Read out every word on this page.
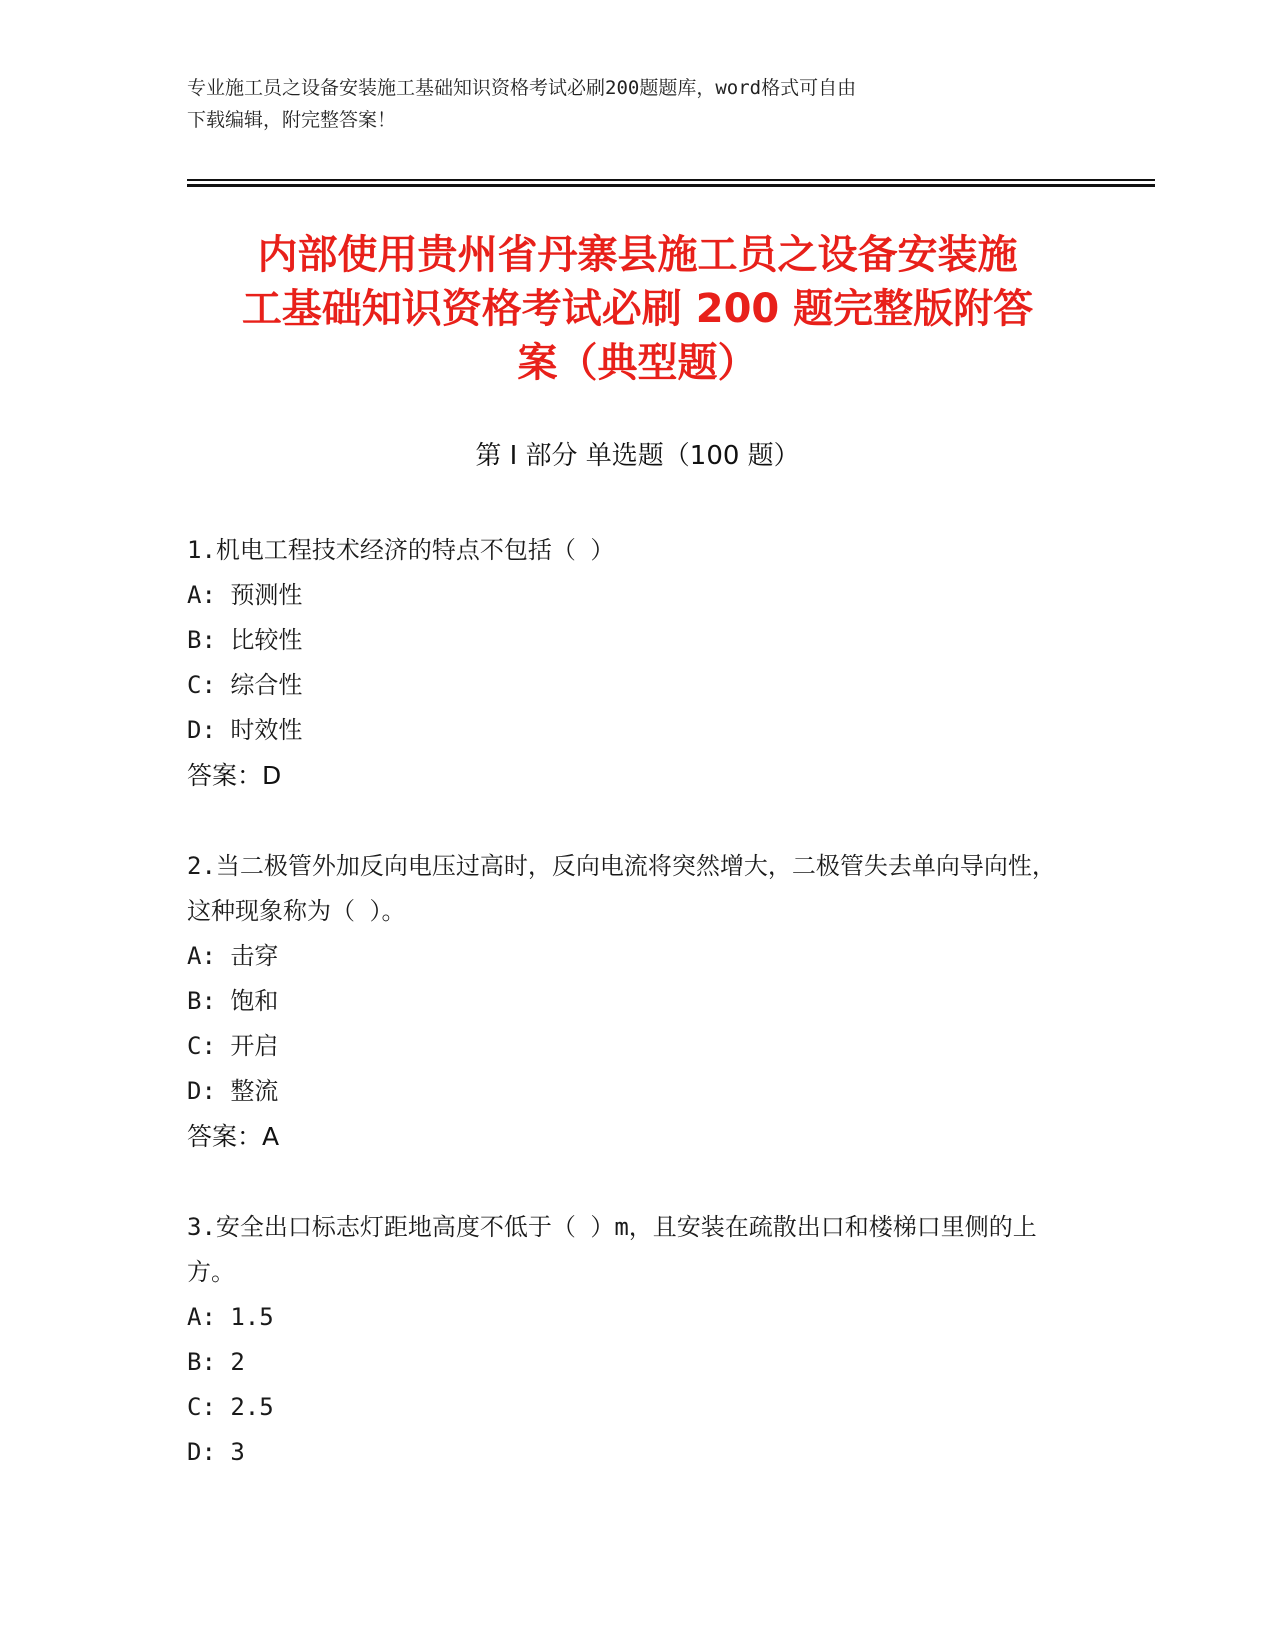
专业施工员之设备安装施工基础知识资格考试必刷200题题库，word格式可自由
下载编辑，附完整答案！
内部使用贵州省丹寨县施工员之设备安装施
工基础知识资格考试必刷 200 题完整版附答
案（典型题）
第 I 部分 单选题（100 题）
1.机电工程技术经济的特点不包括（ ）
A: 预测性
B: 比较性
C: 综合性
D: 时效性
答案：D
2.当二极管外加反向电压过高时，反向电流将突然增大，二极管失去单向导向性，这种现象称为（ ）。
A: 击穿
B: 饱和
C: 开启
D: 整流
答案：A
3.安全出口标志灯距地高度不低于（ ）m，且安装在疏散出口和楼梯口里侧的上方。
A: 1.5
B: 2
C: 2.5
D: 3
